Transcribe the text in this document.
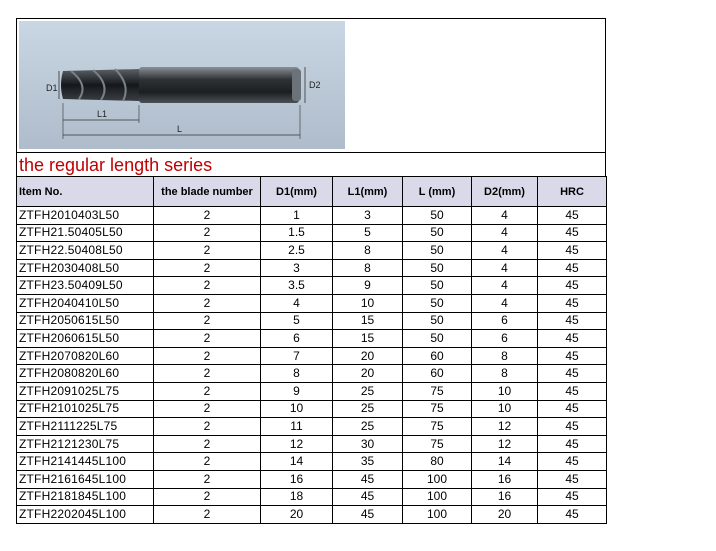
D1	D2
L1
L
the regular length series
Item No.	the blade number	D1(mm)	L1(mm)	L (mm)	D2(mm)	HRC
ZTFH2010403L50	2	1	3	50	4	45
ZTFH21.50405L50	2	1.5	5	50	4	45
ZTFH22.50408L50	2	2.5	8	50	4	45
ZTFH2030408L50	2	3	8	50	4	45
ZTFH23.50409L50	2	3.5	9	50	4	45
ZTFH2040410L50	2	4	10	50	4	45
ZTFH2050615L50	2	5	15	50	6	45
ZTFH2060615L50	2	6	15	50	6	45
ZTFH2070820L60	2	7	20	60	8	45
ZTFH2080820L60	2	8	20	60	8	45
ZTFH2091025L75	2	9	25	75	10	45
ZTFH2101025L75	2	10	25	75	10	45
ZTFH2111225L75	2	11	25	75	12	45
ZTFH2121230L75	2	12	30	75	12	45
ZTFH2141445L100	2	14	35	80	14	45
ZTFH2161645L100	2	16	45	100	16	45
ZTFH2181845L100	2	18	45	100	16	45
ZTFH2202045L100	2	20	45	100	20	45
